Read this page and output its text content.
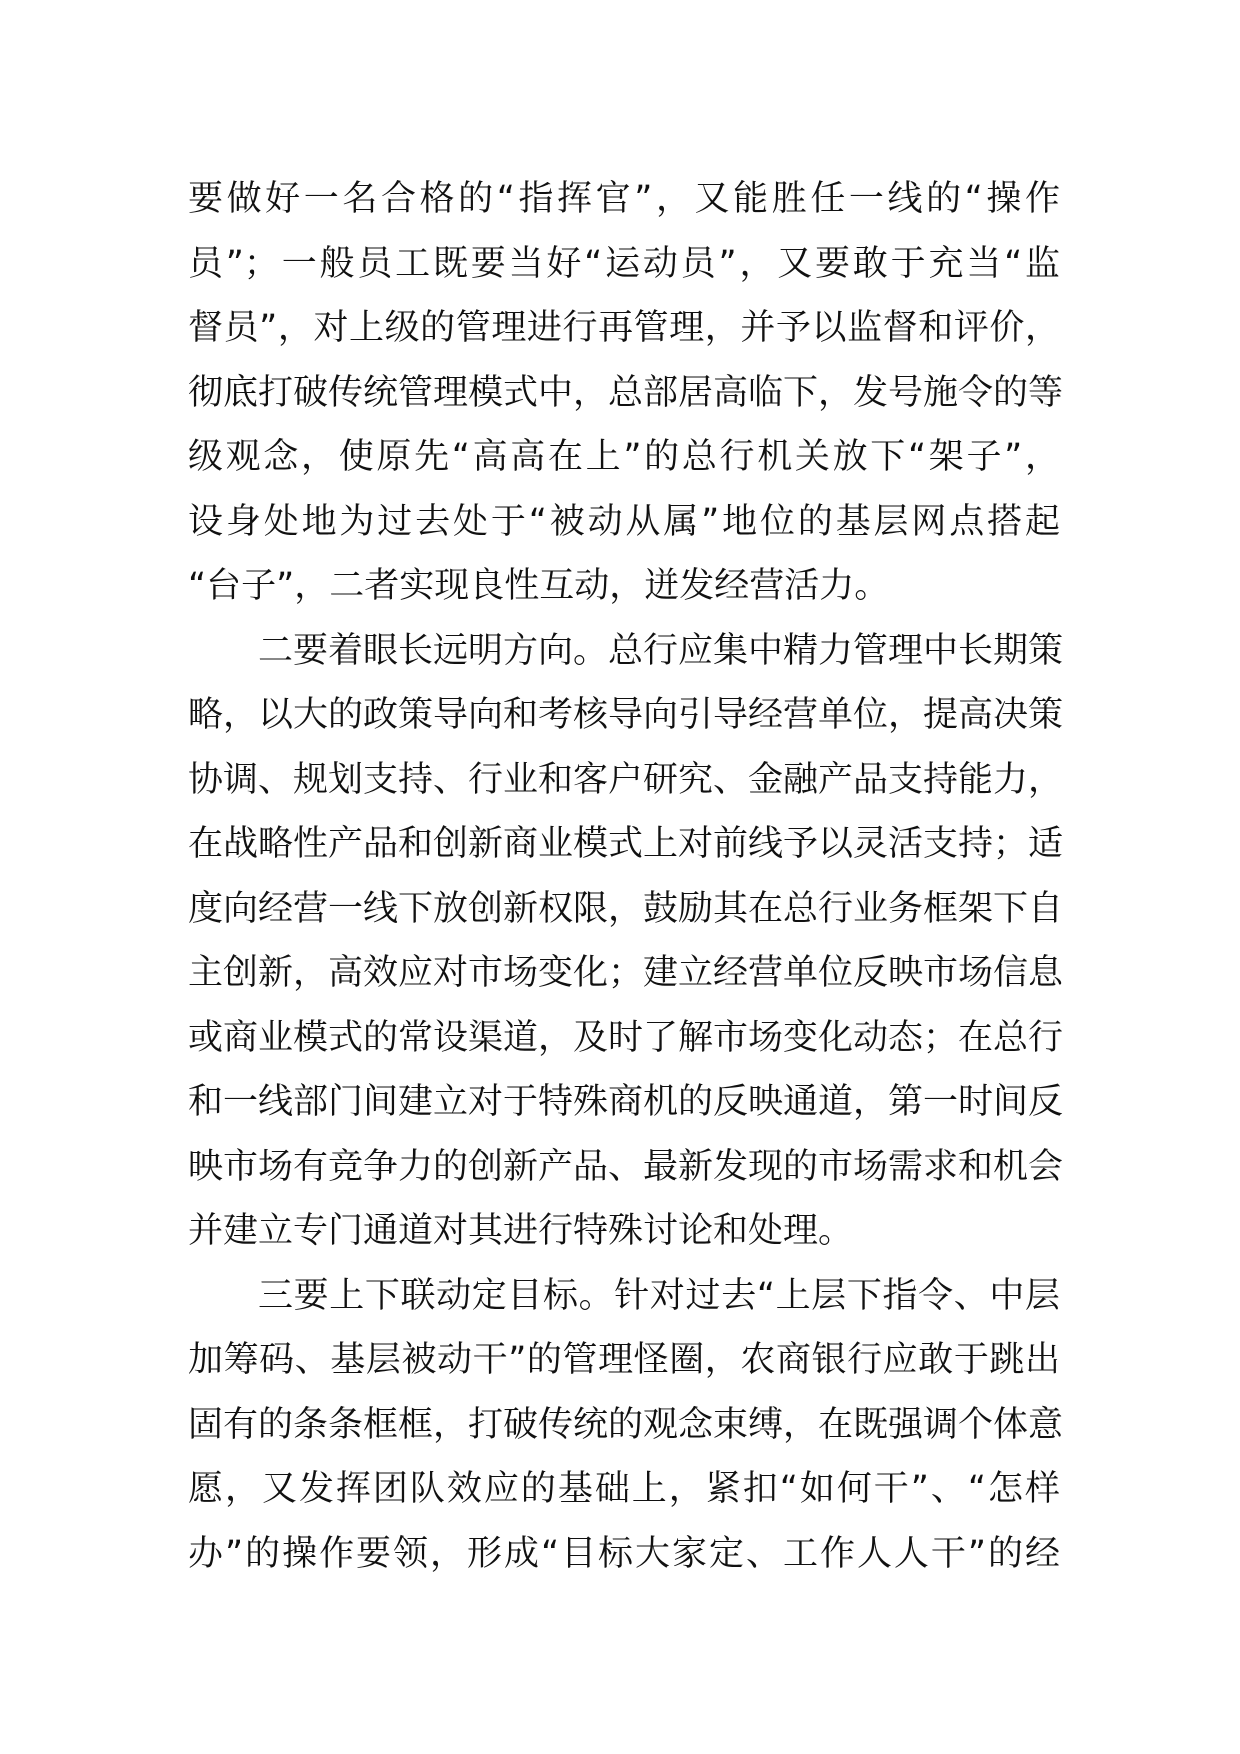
要做好一名合格的“指挥官”，又能胜任一线的“操作
员”；一般员工既要当好“运动员”，又要敢于充当“监
督员”，对上级的管理进行再管理，并予以监督和评价，
彻底打破传统管理模式中，总部居高临下，发号施令的等
级观念，使原先“高高在上”的总行机关放下“架子”，
设身处地为过去处于“被动从属”地位的基层网点搭起
“台子”，二者实现良性互动，迸发经营活力。
二要着眼长远明方向。总行应集中精力管理中长期策
略，以大的政策导向和考核导向引导经营单位，提高决策
协调、规划支持、行业和客户研究、金融产品支持能力，
在战略性产品和创新商业模式上对前线予以灵活支持；适
度向经营一线下放创新权限，鼓励其在总行业务框架下自
主创新，高效应对市场变化；建立经营单位反映市场信息
或商业模式的常设渠道，及时了解市场变化动态；在总行
和一线部门间建立对于特殊商机的反映通道，第一时间反
映市场有竞争力的创新产品、最新发现的市场需求和机会
并建立专门通道对其进行特殊讨论和处理。
三要上下联动定目标。针对过去“上层下指令、中层
加筹码、基层被动干”的管理怪圈，农商银行应敢于跳出
固有的条条框框，打破传统的观念束缚，在既强调个体意
愿，又发挥团队效应的基础上，紧扣“如何干”、“怎样
办”的操作要领，形成“目标大家定、工作人人干”的经
